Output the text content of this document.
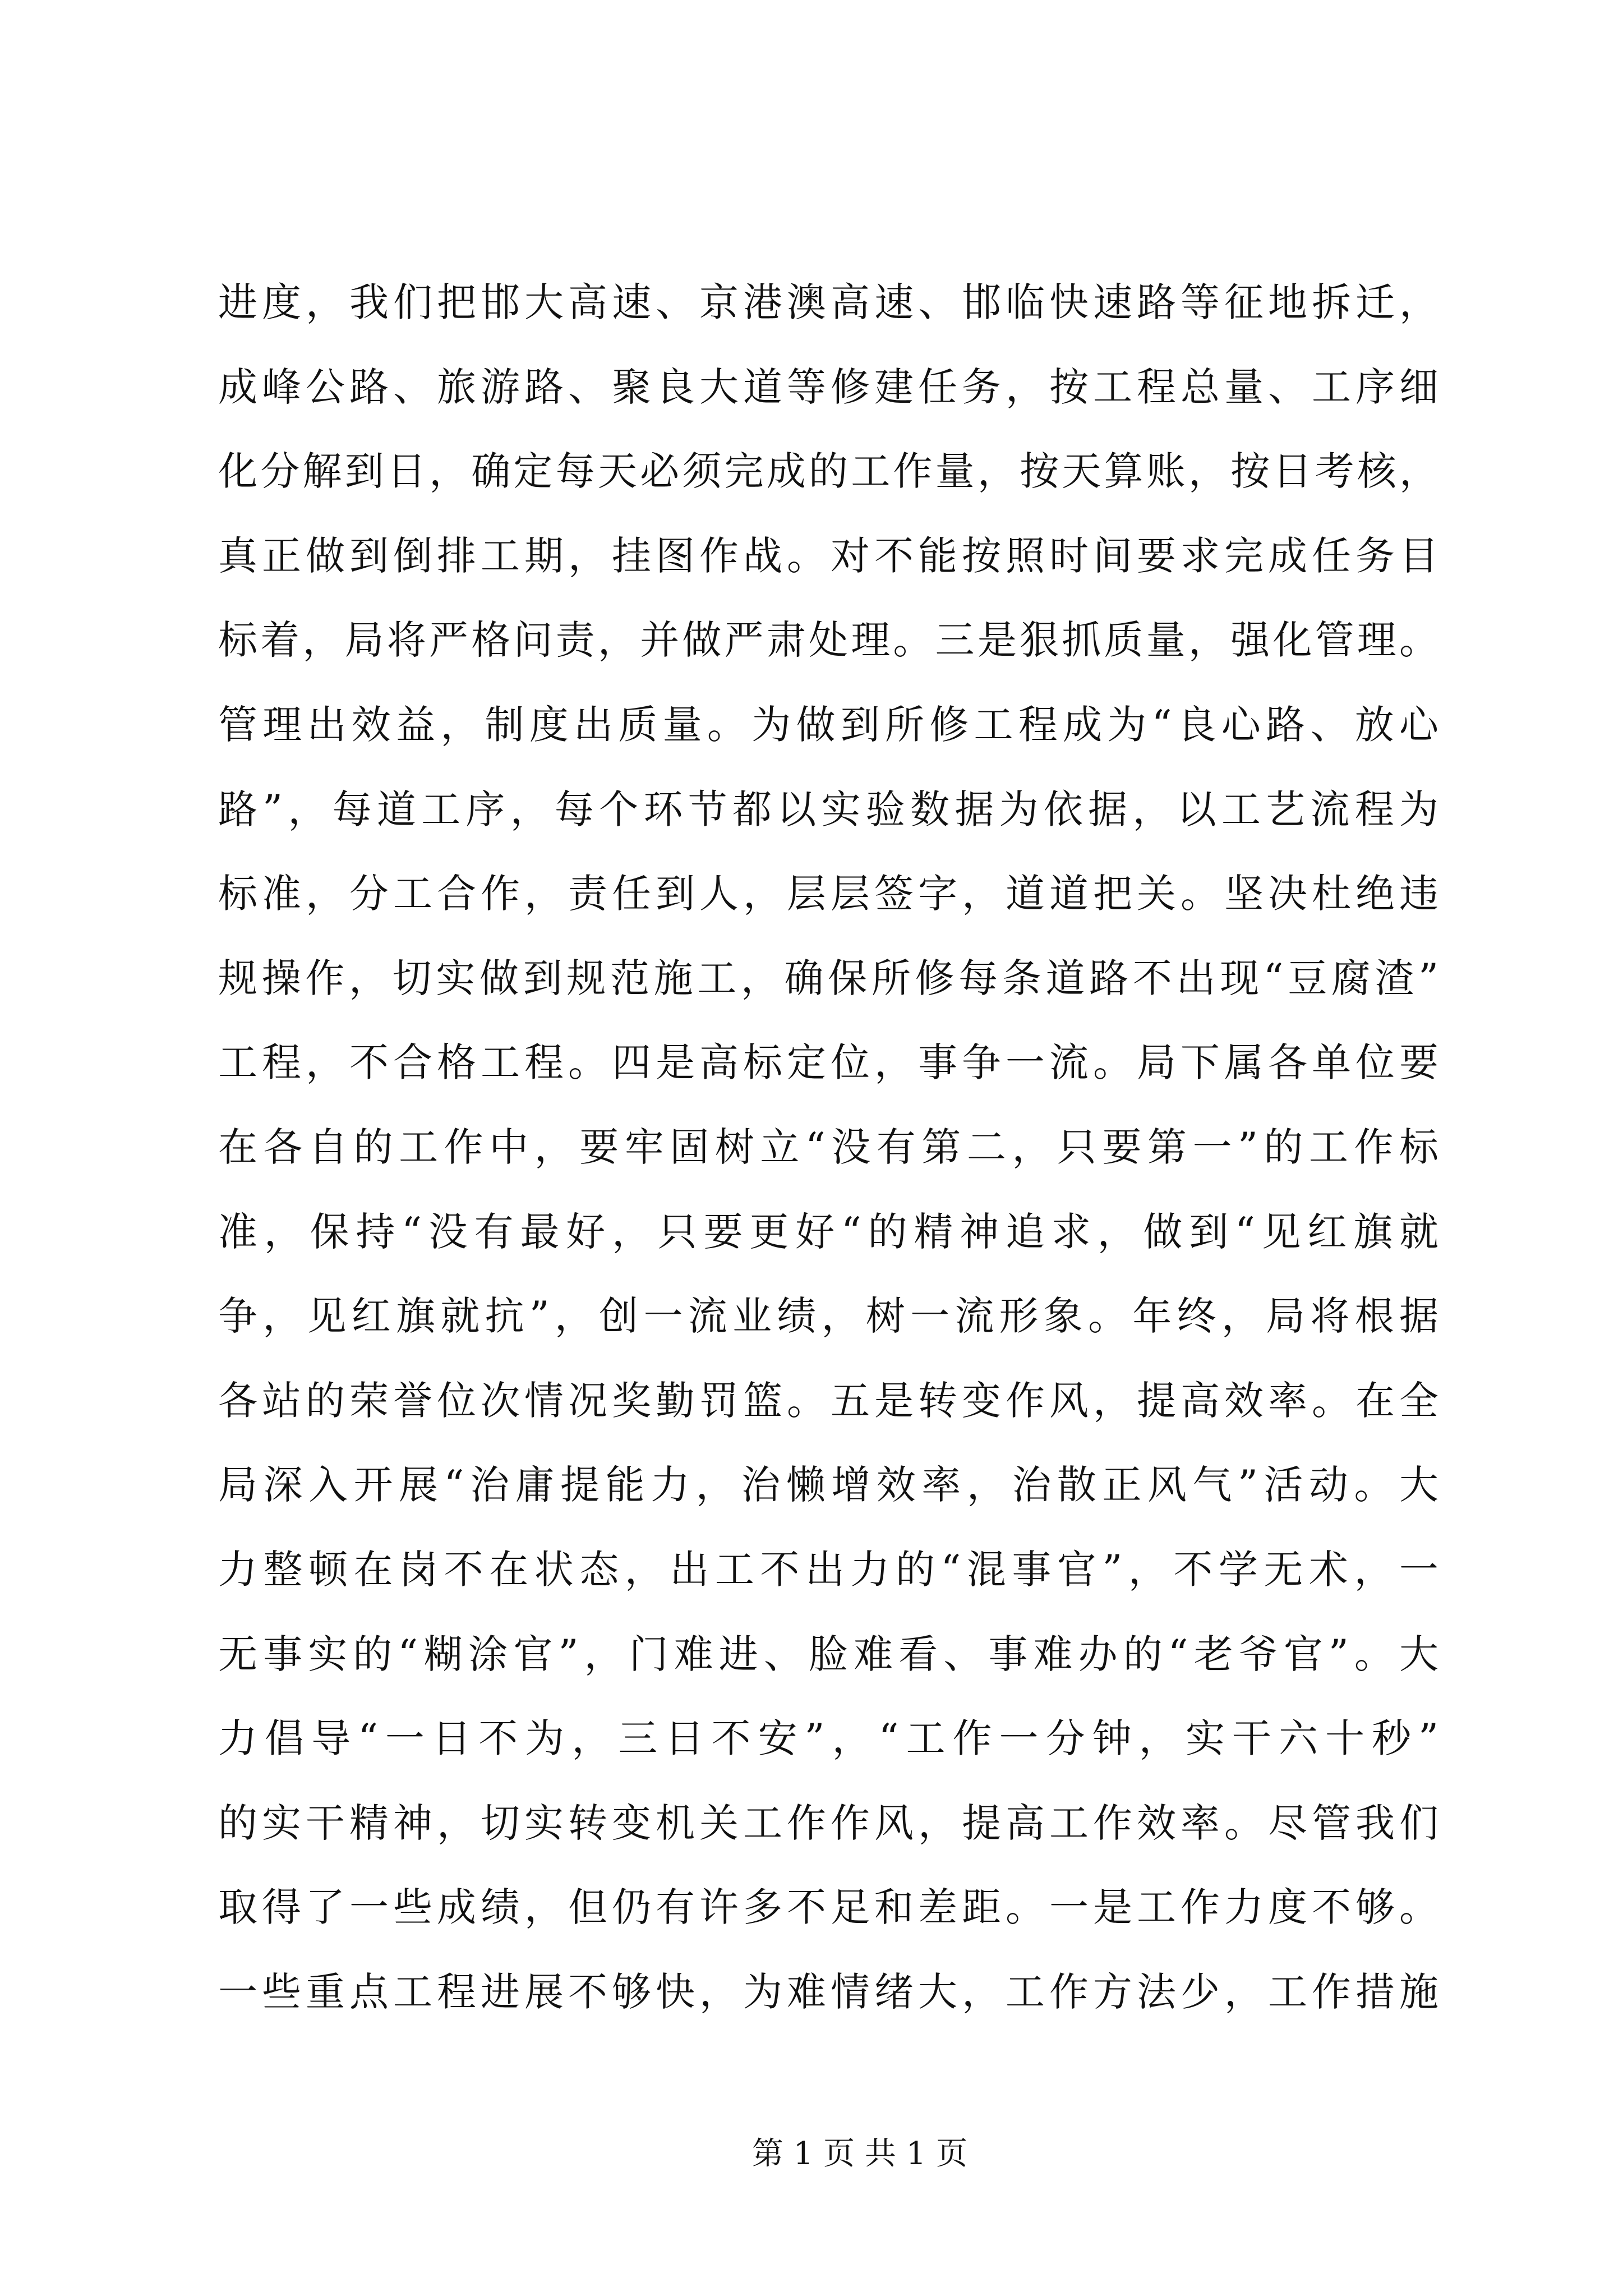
进度，我们把邯大高速、京港澳高速、邯临快速路等征地拆迁，
成峰公路、旅游路、聚良大道等修建任务，按工程总量、工序细
化分解到日，确定每天必须完成的工作量，按天算账，按日考核，
真正做到倒排工期，挂图作战。对不能按照时间要求完成任务目
标着，局将严格问责，并做严肃处理。三是狠抓质量，强化管理。
管理出效益，制度出质量。为做到所修工程成为“良心路、放心
路”，每道工序，每个环节都以实验数据为依据，以工艺流程为
标准，分工合作，责任到人，层层签字，道道把关。坚决杜绝违
规操作，切实做到规范施工，确保所修每条道路不出现“豆腐渣”
工程，不合格工程。四是高标定位，事争一流。局下属各单位要
在各自的工作中，要牢固树立“没有第二，只要第一”的工作标
准，保持“没有最好，只要更好“的精神追求，做到“见红旗就
争，见红旗就抗”，创一流业绩，树一流形象。年终，局将根据
各站的荣誉位次情况奖勤罚篮。五是转变作风，提高效率。在全
局深入开展“治庸提能力，治懒增效率，治散正风气”活动。大
力整顿在岗不在状态，出工不出力的“混事官”，不学无术，一
无事实的“糊涂官”，门难进、脸难看、事难办的“老爷官”。大
力倡导“一日不为，三日不安”，“工作一分钟，实干六十秒”
的实干精神，切实转变机关工作作风，提高工作效率。尽管我们
取得了一些成绩，但仍有许多不足和差距。一是工作力度不够。
一些重点工程进展不够快，为难情绪大，工作方法少，工作措施
第 1 页 共 1 页
